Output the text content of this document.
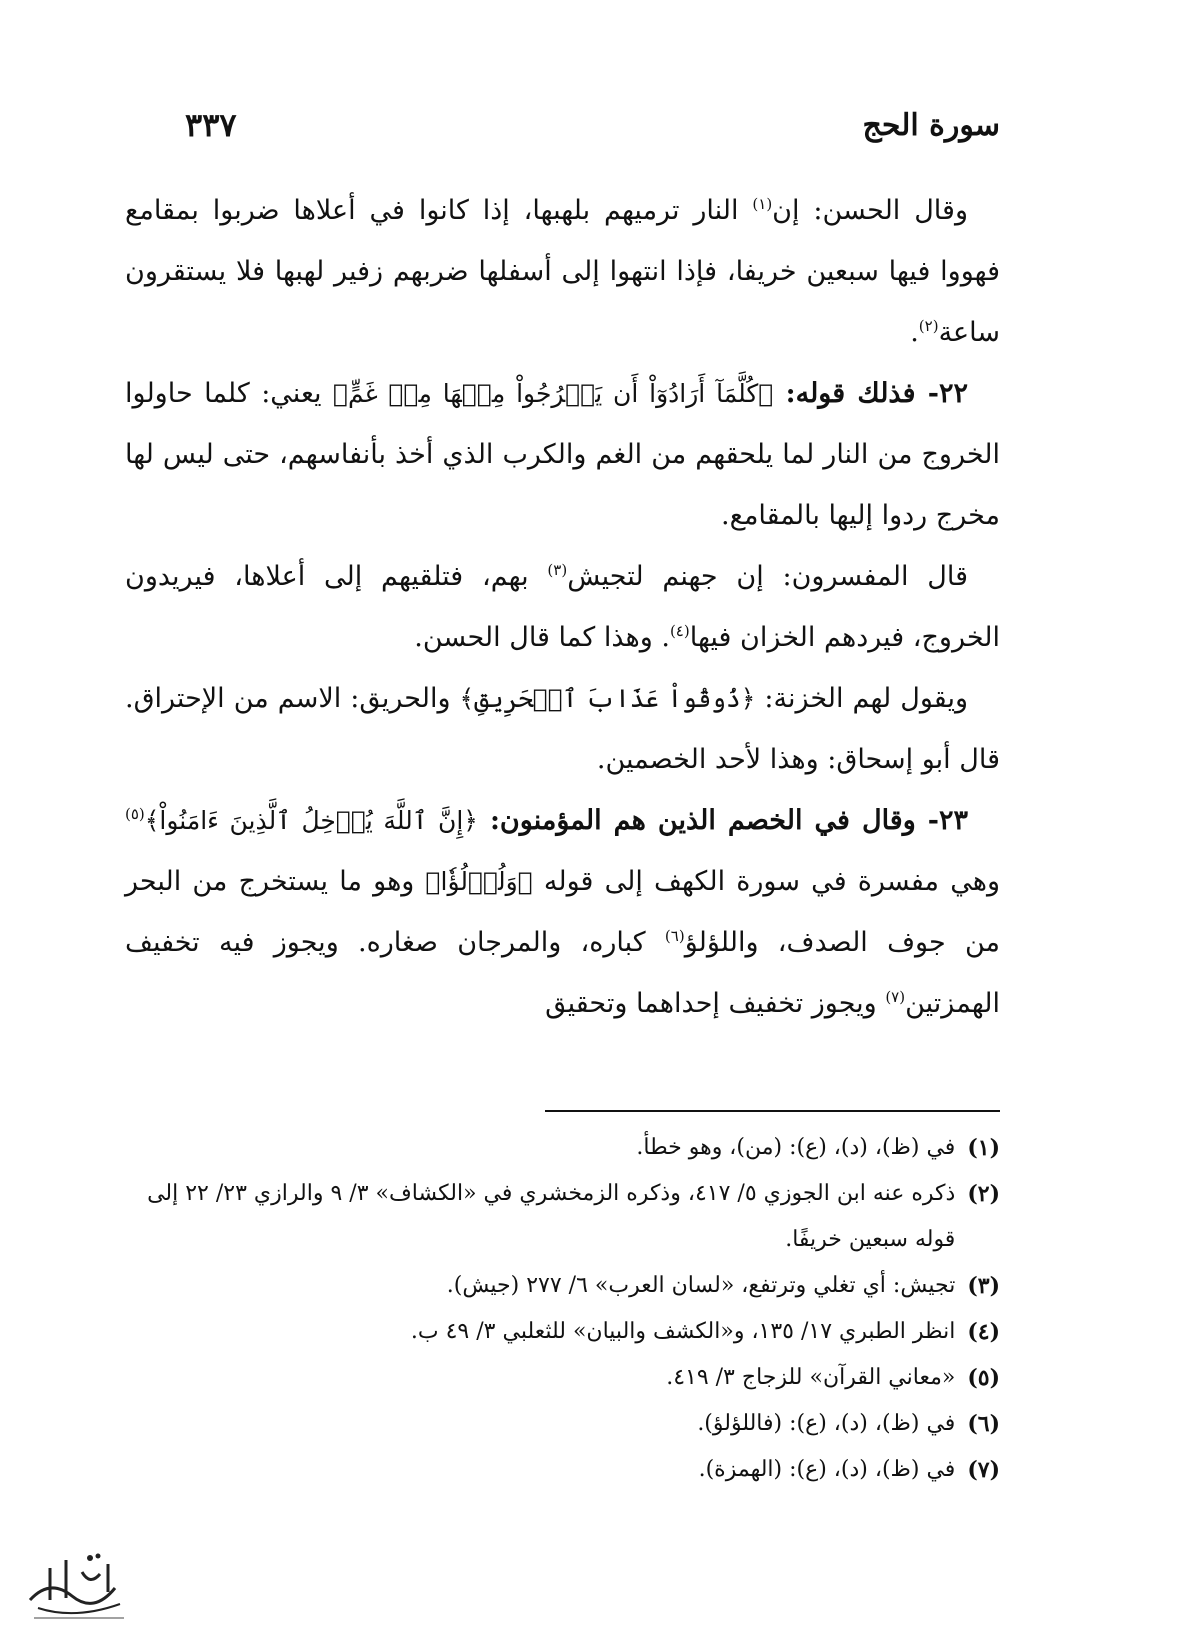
سورة الحج
٣٣٧

وقال الحسن: إن$^{(١)}$ النار ترميهم بلهبها، إذا كانوا في أعلاها ضربوا بمقامع فهووا فيها سبعين خريفا، فإذا انتهوا إلى أسفلها ضربهم زفير لهبها فلا يستقرون ساعة$^{(٢)}$.

٢٢- فذلك قوله: ﴿كُلَّمَآ أَرَادُوٓاْ أَن يَخۡرُجُواْ مِنۡهَا مِنۡ غَمٍّ﴾ يعني: كلما حاولوا الخروج من النار لما يلحقهم من الغم والكرب الذي أخذ بأنفاسهم، حتى ليس لها مخرج ردوا إليها بالمقامع.

قال المفسرون: إن جهنم لتجيش$^{(٣)}$ بهم، فتلقيهم إلى أعلاها، فيريدون الخروج، فيردهم الخزان فيها$^{(٤)}$. وهذا كما قال الحسن.

ويقول لهم الخزنة: ﴿ذُوقُواْ عَذَابَ ٱلۡحَرِيقِ﴾ والحريق: الاسم من الإحتراق. قال أبو إسحاق: وهذا لأحد الخصمين.

٢٣- وقال في الخصم الذين هم المؤمنون: ﴿إِنَّ ٱللَّهَ يُدۡخِلُ ٱلَّذِينَ ءَامَنُواْ﴾$^{(٥)}$ وهي مفسرة في سورة الكهف إلى قوله ﴿وَلُؤۡلُؤٗا﴾ وهو ما يستخرج من البحر من جوف الصدف، واللؤلؤ$^{(٦)}$ كباره، والمرجان صغاره. ويجوز فيه تخفيف الهمزتين$^{(٧)}$ ويجوز تخفيف إحداهما وتحقيق

(١)
في (ظ)، (د)، (ع): (من)، وهو خطأ.
(٢)
ذكره عنه ابن الجوزي ٥/ ٤١٧، وذكره الزمخشري في «الكشاف» ٣/ ٩ والرازي ٢٣/ ٢٢ إلى قوله سبعين خريفًا.
(٣)
تجيش: أي تغلي وترتفع، «لسان العرب» ٦/ ٢٧٧ (جيش).
(٤)
انظر الطبري ١٧/ ١٣٥، و«الكشف والبيان» للثعلبي ٣/ ٤٩ ب.
(٥)
«معاني القرآن» للزجاج ٣/ ٤١٩.
(٦)
في (ظ)، (د)، (ع): (فاللؤلؤ).
(٧)
في (ظ)، (د)، (ع): (الهمزة).
